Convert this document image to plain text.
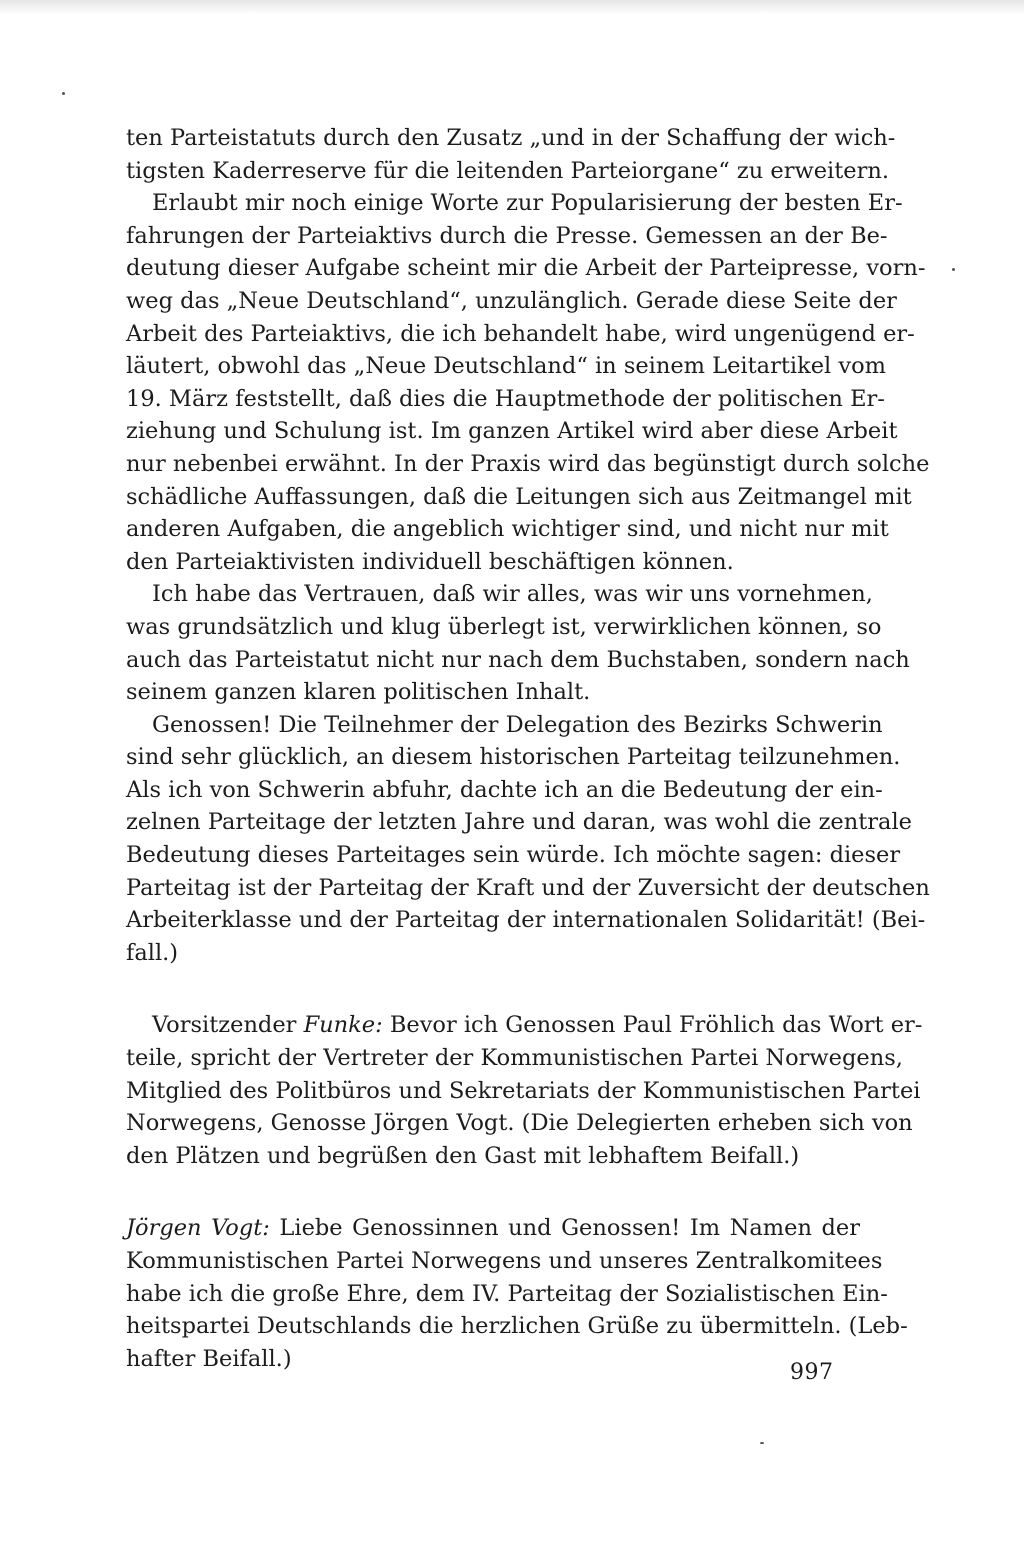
ten Parteistatuts durch den Zusatz „und in der Schaffung der wich-
tigsten Kaderreserve für die leitenden Parteiorgane“ zu erweitern.
Erlaubt mir noch einige Worte zur Popularisierung der besten Er-
fahrungen der Parteiaktivs durch die Presse. Gemessen an der Be-
deutung dieser Aufgabe scheint mir die Arbeit der Parteipresse, vorn-
weg das „Neue Deutschland“, unzulänglich. Gerade diese Seite der
Arbeit des Parteiaktivs, die ich behandelt habe, wird ungenügend er-
läutert, obwohl das „Neue Deutschland“ in seinem Leitartikel vom
19. März feststellt, daß dies die Hauptmethode der politischen Er-
ziehung und Schulung ist. Im ganzen Artikel wird aber diese Arbeit
nur nebenbei erwähnt. In der Praxis wird das begünstigt durch solche
schädliche Auffassungen, daß die Leitungen sich aus Zeitmangel mit
anderen Aufgaben, die angeblich wichtiger sind, und nicht nur mit
den Parteiaktivisten individuell beschäftigen können.
Ich habe das Vertrauen, daß wir alles, was wir uns vornehmen,
was grundsätzlich und klug überlegt ist, verwirklichen können, so
auch das Parteistatut nicht nur nach dem Buchstaben, sondern nach
seinem ganzen klaren politischen Inhalt.
Genossen! Die Teilnehmer der Delegation des Bezirks Schwerin
sind sehr glücklich, an diesem historischen Parteitag teilzunehmen.
Als ich von Schwerin abfuhr, dachte ich an die Bedeutung der ein-
zelnen Parteitage der letzten Jahre und daran, was wohl die zentrale
Bedeutung dieses Parteitages sein würde. Ich möchte sagen: dieser
Parteitag ist der Parteitag der Kraft und der Zuversicht der deutschen
Arbeiterklasse und der Parteitag der internationalen Solidarität! (Bei-
fall.)
Vorsitzender Funke: Bevor ich Genossen Paul Fröhlich das Wort er-
teile, spricht der Vertreter der Kommunistischen Partei Norwegens,
Mitglied des Politbüros und Sekretariats der Kommunistischen Partei
Norwegens, Genosse Jörgen Vogt. (Die Delegierten erheben sich von
den Plätzen und begrüßen den Gast mit lebhaftem Beifall.)
Jörgen Vogt: Liebe Genossinnen und Genossen! Im Namen der
Kommunistischen Partei Norwegens und unseres Zentralkomitees
habe ich die große Ehre, dem IV. Parteitag der Sozialistischen Ein-
heitspartei Deutschlands die herzlichen Grüße zu übermitteln. (Leb-
hafter Beifall.)
997
